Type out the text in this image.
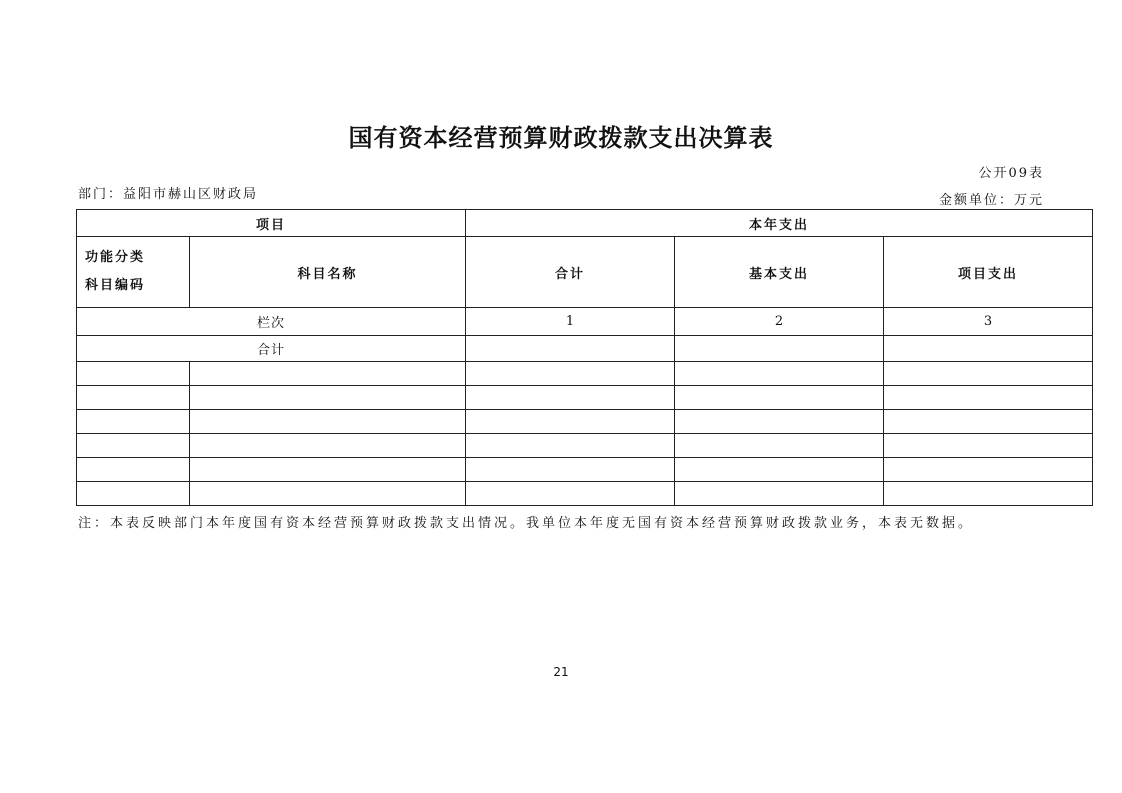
国有资本经营预算财政拨款支出决算表
公开09表
部门：益阳市赫山区财政局	金额单位：万元
项目		本年支出		

功能分类
科目编码	科目名称	合计	基本支出	项目支出
栏次		1	2	3
合计				

注：本表反映部门本年度国有资本经营预算财政拨款支出情况。我单位本年度无国有资本经营预算财政拨款业务，本表无数据。
21
